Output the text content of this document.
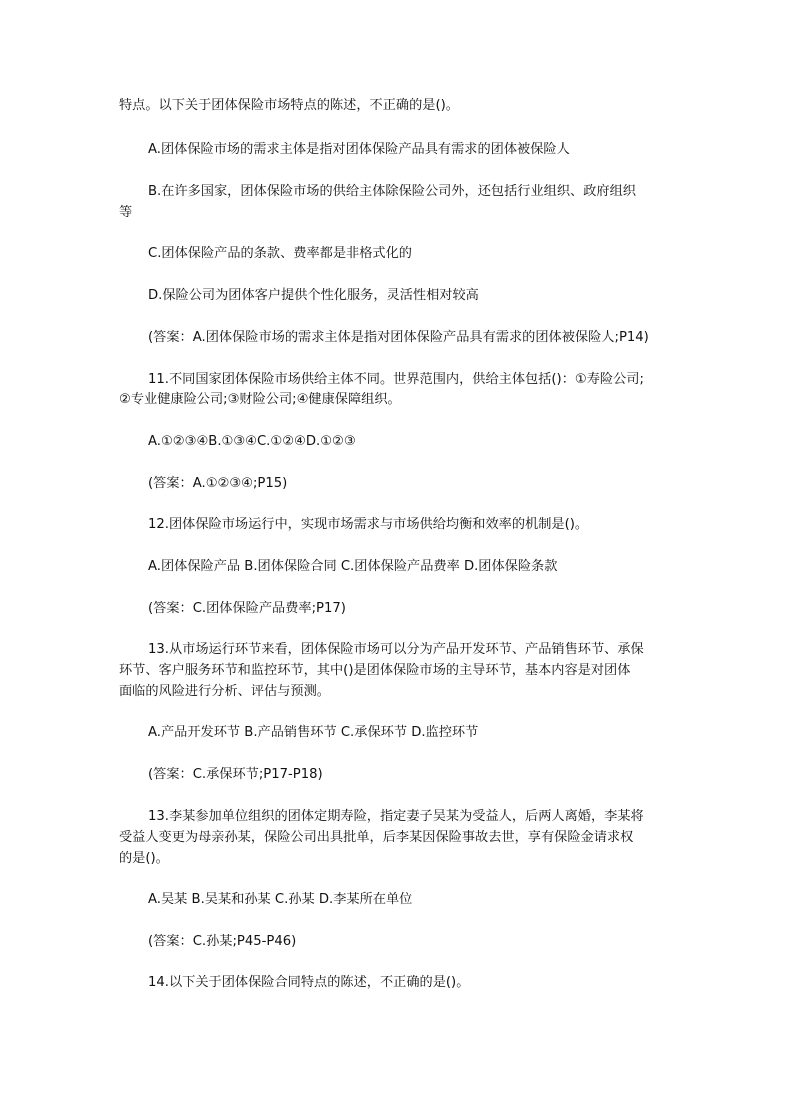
特点。以下关于团体保险市场特点的陈述，不正确的是()。
A.团体保险市场的需求主体是指对团体保险产品具有需求的团体被保险人
B.在许多国家，团体保险市场的供给主体除保险公司外，还包括行业组织、政府组织
等
C.团体保险产品的条款、费率都是非格式化的
D.保险公司为团体客户提供个性化服务，灵活性相对较高
(答案：A.团体保险市场的需求主体是指对团体保险产品具有需求的团体被保险人;P14)
11.不同国家团体保险市场供给主体不同。世界范围内，供给主体包括()：①寿险公司;
②专业健康险公司;③财险公司;④健康保障组织。
A.①②③④B.①③④C.①②④D.①②③
(答案：A.①②③④;P15)
12.团体保险市场运行中，实现市场需求与市场供给均衡和效率的机制是()。
A.团体保险产品 B.团体保险合同 C.团体保险产品费率 D.团体保险条款
(答案：C.团体保险产品费率;P17)
13.从市场运行环节来看，团体保险市场可以分为产品开发环节、产品销售环节、承保
环节、客户服务环节和监控环节，其中()是团体保险市场的主导环节，基本内容是对团体
面临的风险进行分析、评估与预测。
A.产品开发环节 B.产品销售环节 C.承保环节 D.监控环节
(答案：C.承保环节;P17-P18)
13.李某参加单位组织的团体定期寿险，指定妻子吴某为受益人，后两人离婚，李某将
受益人变更为母亲孙某，保险公司出具批单，后李某因保险事故去世，享有保险金请求权
的是()。
A.吴某 B.吴某和孙某 C.孙某 D.李某所在单位
(答案：C.孙某;P45-P46)
14.以下关于团体保险合同特点的陈述，不正确的是()。
